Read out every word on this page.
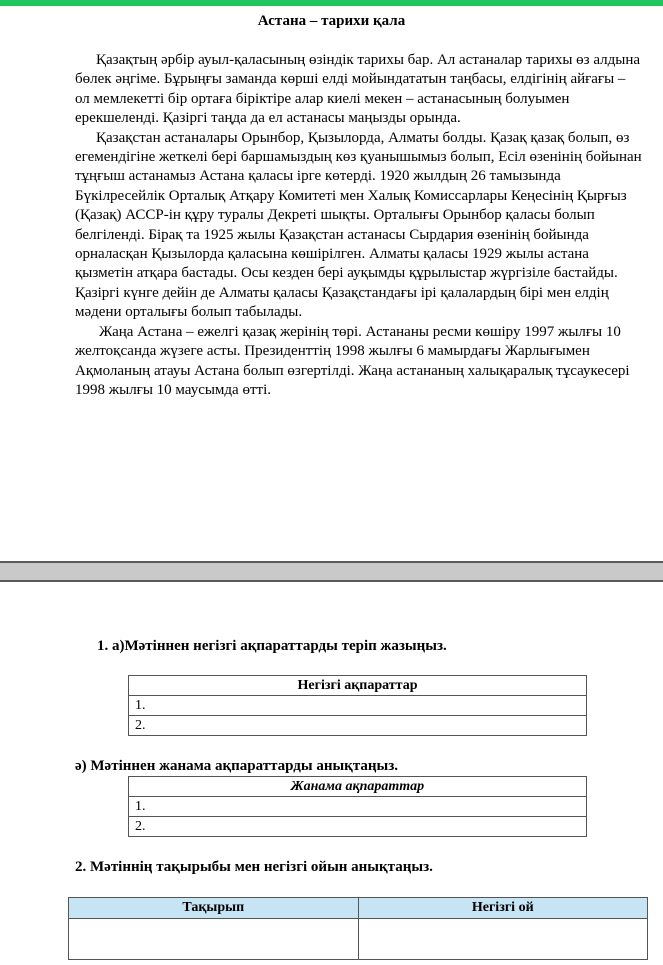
Астана – тарихи қала

Қазақтың әрбір ауыл-қаласының өзіндік тарихы бар. Ал астаналар тарихы өз алдына бөлек әңгіме. Бұрыңғы заманда көрші елді мойындататын таңбасы, елдігінің айғағы – ол мемлекетті бір ортаға біріктіре алар киелі мекен – астанасының болуымен ерекшеленді. Қазіргі таңда да ел астанасы маңызды орында.

Қазақстан астаналары Орынбор, Қызылорда, Алматы болды. Қазақ қазақ болып, өз егемендігіне жеткелі бері баршамыздың көз қуанышымыз болып, Есіл өзенінің бойынан тұңғыш астанамыз Астана қаласы ірге көтерді. 1920 жылдың 26 тамызында Бүкілресейлік Орталық Атқару Комитеті мен Халық Комиссарлары Кеңесінің Қырғыз (Қазақ) АССР-ін құру туралы Декреті шықты. Орталығы Орынбор қаласы болып белгіленді. Бірақ та 1925 жылы Қазақстан астанасы Сырдария өзенінің бойында орналасқан Қызылорда қаласына көшірілген. Алматы қаласы 1929 жылы астана қызметін атқара бастады. Осы кезден бері ауқымды құрылыстар жүргізіле бастайды. Қазіргі күнге дейін де Алматы қаласы Қазақстандағы ірі қалалардың бірі мен елдің мәдени орталығы болып табылады.

Жаңа Астана – ежелгі қазақ жерінің төрі. Астананы ресми көшіру 1997 жылғы 10 желтоқсанда жүзеге асты. Президенттің 1998 жылғы 6 мамырдағы Жарлығымен Ақмоланың атауы Астана болып өзгертілді. Жаңа астананың халықаралық тұсаукесері 1998 жылғы 10 маусымда өтті.

1. а)Мәтіннен негізгі ақпараттарды теріп жазыңыз.
Негізгі ақпараттар
1.
2.
ә) Мәтіннен жанама ақпараттарды анықтаңыз.
Жанама ақпараттар
1.
2.
2. Мәтіннің тақырыбы мен негізгі ойын анықтаңыз.
Тақырып	Негізгі ой
